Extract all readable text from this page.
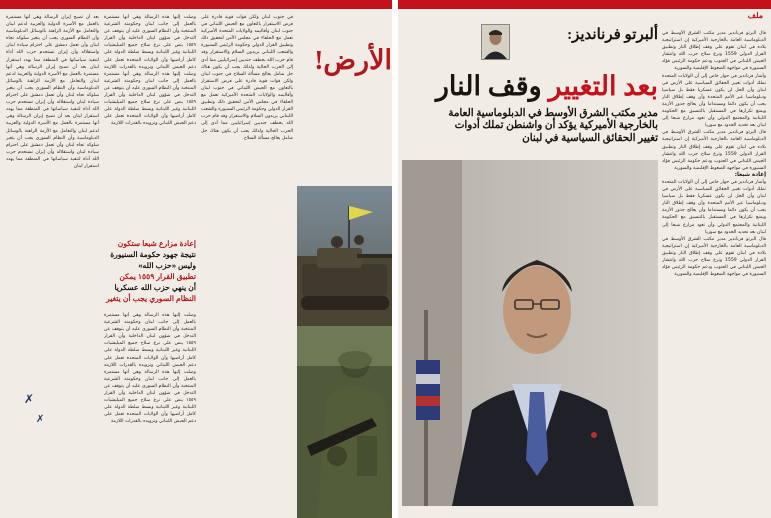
بعد أن تصبح إيران الرسالة وهي أنها مستمرة بالعمل مع الأسرة الدولية والعربية لدعم لبنان والتعامل مع الأزمة الراهنة بالوسائل الدبلوماسية وأن النظام السوري يجب أن يتغير سلوكه تجاه لبنان وأن تعمل دمشق على احترام سيادة لبنان واستقلاله وأن إيران تستخدم حزب الله أداة لتنفيذ سياساتها في المنطقة مما يهدد استقرار لبنان بعد أن تصبح إيران الرسالة وهي أنها مستمرة بالعمل مع الأسرة الدولية والعربية لدعم لبنان والتعامل مع الأزمة الراهنة بالوسائل الدبلوماسية وأن النظام السوري يجب أن يتغير سلوكه تجاه لبنان وأن تعمل دمشق على احترام سيادة لبنان واستقلاله وأن إيران تستخدم حزب الله أداة لتنفيذ سياساتها في المنطقة مما يهدد استقرار لبنان بعد أن تصبح إيران الرسالة وهي أنها مستمرة بالعمل مع الأسرة الدولية والعربية لدعم لبنان والتعامل مع الأزمة الراهنة بالوسائل الدبلوماسية وأن النظام السوري يجب أن يتغير سلوكه تجاه لبنان وأن تعمل دمشق على احترام سيادة لبنان واستقلاله وأن إيران تستخدم حزب الله أداة لتنفيذ سياساتها في المنطقة مما يهدد استقرار لبنان
وصلت إليها هذه الرسالة وهي أنها مستمرة بالعمل إلى جانب لبنان وحكومته الشرعية المنتخبة وأن النظام السوري عليه أن يتوقف عن التدخل في شؤون لبنان الداخلية وأن القرار ١٥٥٩ ينص على نزع سلاح جميع الميليشيات اللبنانية وغير اللبنانية وبسط سلطة الدولة على كامل أراضيها وأن الولايات المتحدة تعمل على دعم الجيش اللبناني وتزويده بالقدرات اللازمة وصلت إليها هذه الرسالة وهي أنها مستمرة بالعمل إلى جانب لبنان وحكومته الشرعية المنتخبة وأن النظام السوري عليه أن يتوقف عن التدخل في شؤون لبنان الداخلية وأن القرار ١٥٥٩ ينص على نزع سلاح جميع الميليشيات اللبنانية وغير اللبنانية وبسط سلطة الدولة على كامل أراضيها وأن الولايات المتحدة تعمل على دعم الجيش اللبناني وتزويده بالقدرات اللازمة
إعادة مزارع شبعا ستكون
نتيجة جهود حكومة السنيورة
وليس «حزب الله»
تطبيق القرار ١٥٥٩ يمكن
أن ينهي حزب الله عسكريا
النظام السوري يجب أن يتغير
وصلت إليها هذه الرسالة وهي أنها مستمرة بالعمل إلى جانب لبنان وحكومته الشرعية المنتخبة وأن النظام السوري عليه أن يتوقف عن التدخل في شؤون لبنان الداخلية وأن القرار ١٥٥٩ ينص على نزع سلاح جميع الميليشيات اللبنانية وغير اللبنانية وبسط سلطة الدولة على كامل أراضيها وأن الولايات المتحدة تعمل على دعم الجيش اللبناني وتزويده بالقدرات اللازمة وصلت إليها هذه الرسالة وهي أنها مستمرة بالعمل إلى جانب لبنان وحكومته الشرعية المنتخبة وأن النظام السوري عليه أن يتوقف عن التدخل في شؤون لبنان الداخلية وأن القرار ١٥٥٩ ينص على نزع سلاح جميع الميليشيات اللبنانية وغير اللبنانية وبسط سلطة الدولة على كامل أراضيها وأن الولايات المتحدة تعمل على دعم الجيش اللبناني وتزويده بالقدرات اللازمة
في جنوب لبنان ولكن قوات قوية قادرة على فرض الاستقرار بالتعاون مع الجيش اللبناني في جنوب لبنان وأقاليمه والولايات المتحدة الأميركية تعمل مع الحلفاء في مجلس الأمن لتحقيق ذلك وتطبيق القرار الدولي وحكومة الرئيس السنيورة والشعب اللبناني يريدون السلام والاستقرار وقد قام حزب الله بخطف جنديين إسرائيليين مما أدى إلى الحرب الحالية ولذلك يجب أن يكون هناك حل شامل يعالج مسألة السلاح في جنوب لبنان ولكن قوات قوية قادرة على فرض الاستقرار بالتعاون مع الجيش اللبناني في جنوب لبنان وأقاليمه والولايات المتحدة الأميركية تعمل مع الحلفاء في مجلس الأمن لتحقيق ذلك وتطبيق القرار الدولي وحكومة الرئيس السنيورة والشعب اللبناني يريدون السلام والاستقرار وقد قام حزب الله بخطف جنديين إسرائيليين مما أدى إلى الحرب الحالية ولذلك يجب أن يكون هناك حل شامل يعالج مسألة السلاح
الأرض!
✗
✗
ملف
ألبرتو فرنانديز:
بعد التغيير وقف النار
مدير مكتب الشرق الأوسط في الدبلوماسية العامة
بالخارجية الأميركية يؤكد أن واشنطن تملك أدوات
تغيير الحقائق السياسية في لبنان
قال البرتو فرنانديز مدير مكتب الشرق الأوسط في الدبلوماسية العامة بالخارجية الأميركية إن استراتيجية بلاده في لبنان تقوم على وقف إطلاق النار وتطبيق القرار الدولي 1559 ونزع سلاح حزب الله وانتشار الجيش اللبناني في الجنوب ودعم حكومة الرئيس فؤاد السنيورة في مواجهة الضغوط الإقليمية والسورية
وأشار فرنانديز في حوار خاص إلى أن الولايات المتحدة تملك أدوات تغيير الحقائق السياسية على الأرض في لبنان وأن الحل لن يكون عسكريا فقط بل سياسيا ودبلوماسيا عبر الأمم المتحدة وأن وقف إطلاق النار يجب أن يكون دائما ومستداما وأن يعالج جذور الأزمة ويمنع تكرارها في المستقبل بالتنسيق مع الحكومة اللبنانية والمجتمع الدولي وأن تعود مزارع شبعا إلى لبنان بعد تحديد الحدود مع سوريا
قال البرتو فرنانديز مدير مكتب الشرق الأوسط في الدبلوماسية العامة بالخارجية الأميركية إن استراتيجية بلاده في لبنان تقوم على وقف إطلاق النار وتطبيق القرار الدولي 1559 ونزع سلاح حزب الله وانتشار الجيش اللبناني في الجنوب ودعم حكومة الرئيس فؤاد السنيورة في مواجهة الضغوط الإقليمية والسورية
إعادة شبعا:
وأشار فرنانديز في حوار خاص إلى أن الولايات المتحدة تملك أدوات تغيير الحقائق السياسية على الأرض في لبنان وأن الحل لن يكون عسكريا فقط بل سياسيا ودبلوماسيا عبر الأمم المتحدة وأن وقف إطلاق النار يجب أن يكون دائما ومستداما وأن يعالج جذور الأزمة ويمنع تكرارها في المستقبل بالتنسيق مع الحكومة اللبنانية والمجتمع الدولي وأن تعود مزارع شبعا إلى لبنان بعد تحديد الحدود مع سوريا
قال البرتو فرنانديز مدير مكتب الشرق الأوسط في الدبلوماسية العامة بالخارجية الأميركية إن استراتيجية بلاده في لبنان تقوم على وقف إطلاق النار وتطبيق القرار الدولي 1559 ونزع سلاح حزب الله وانتشار الجيش اللبناني في الجنوب ودعم حكومة الرئيس فؤاد السنيورة في مواجهة الضغوط الإقليمية والسورية
